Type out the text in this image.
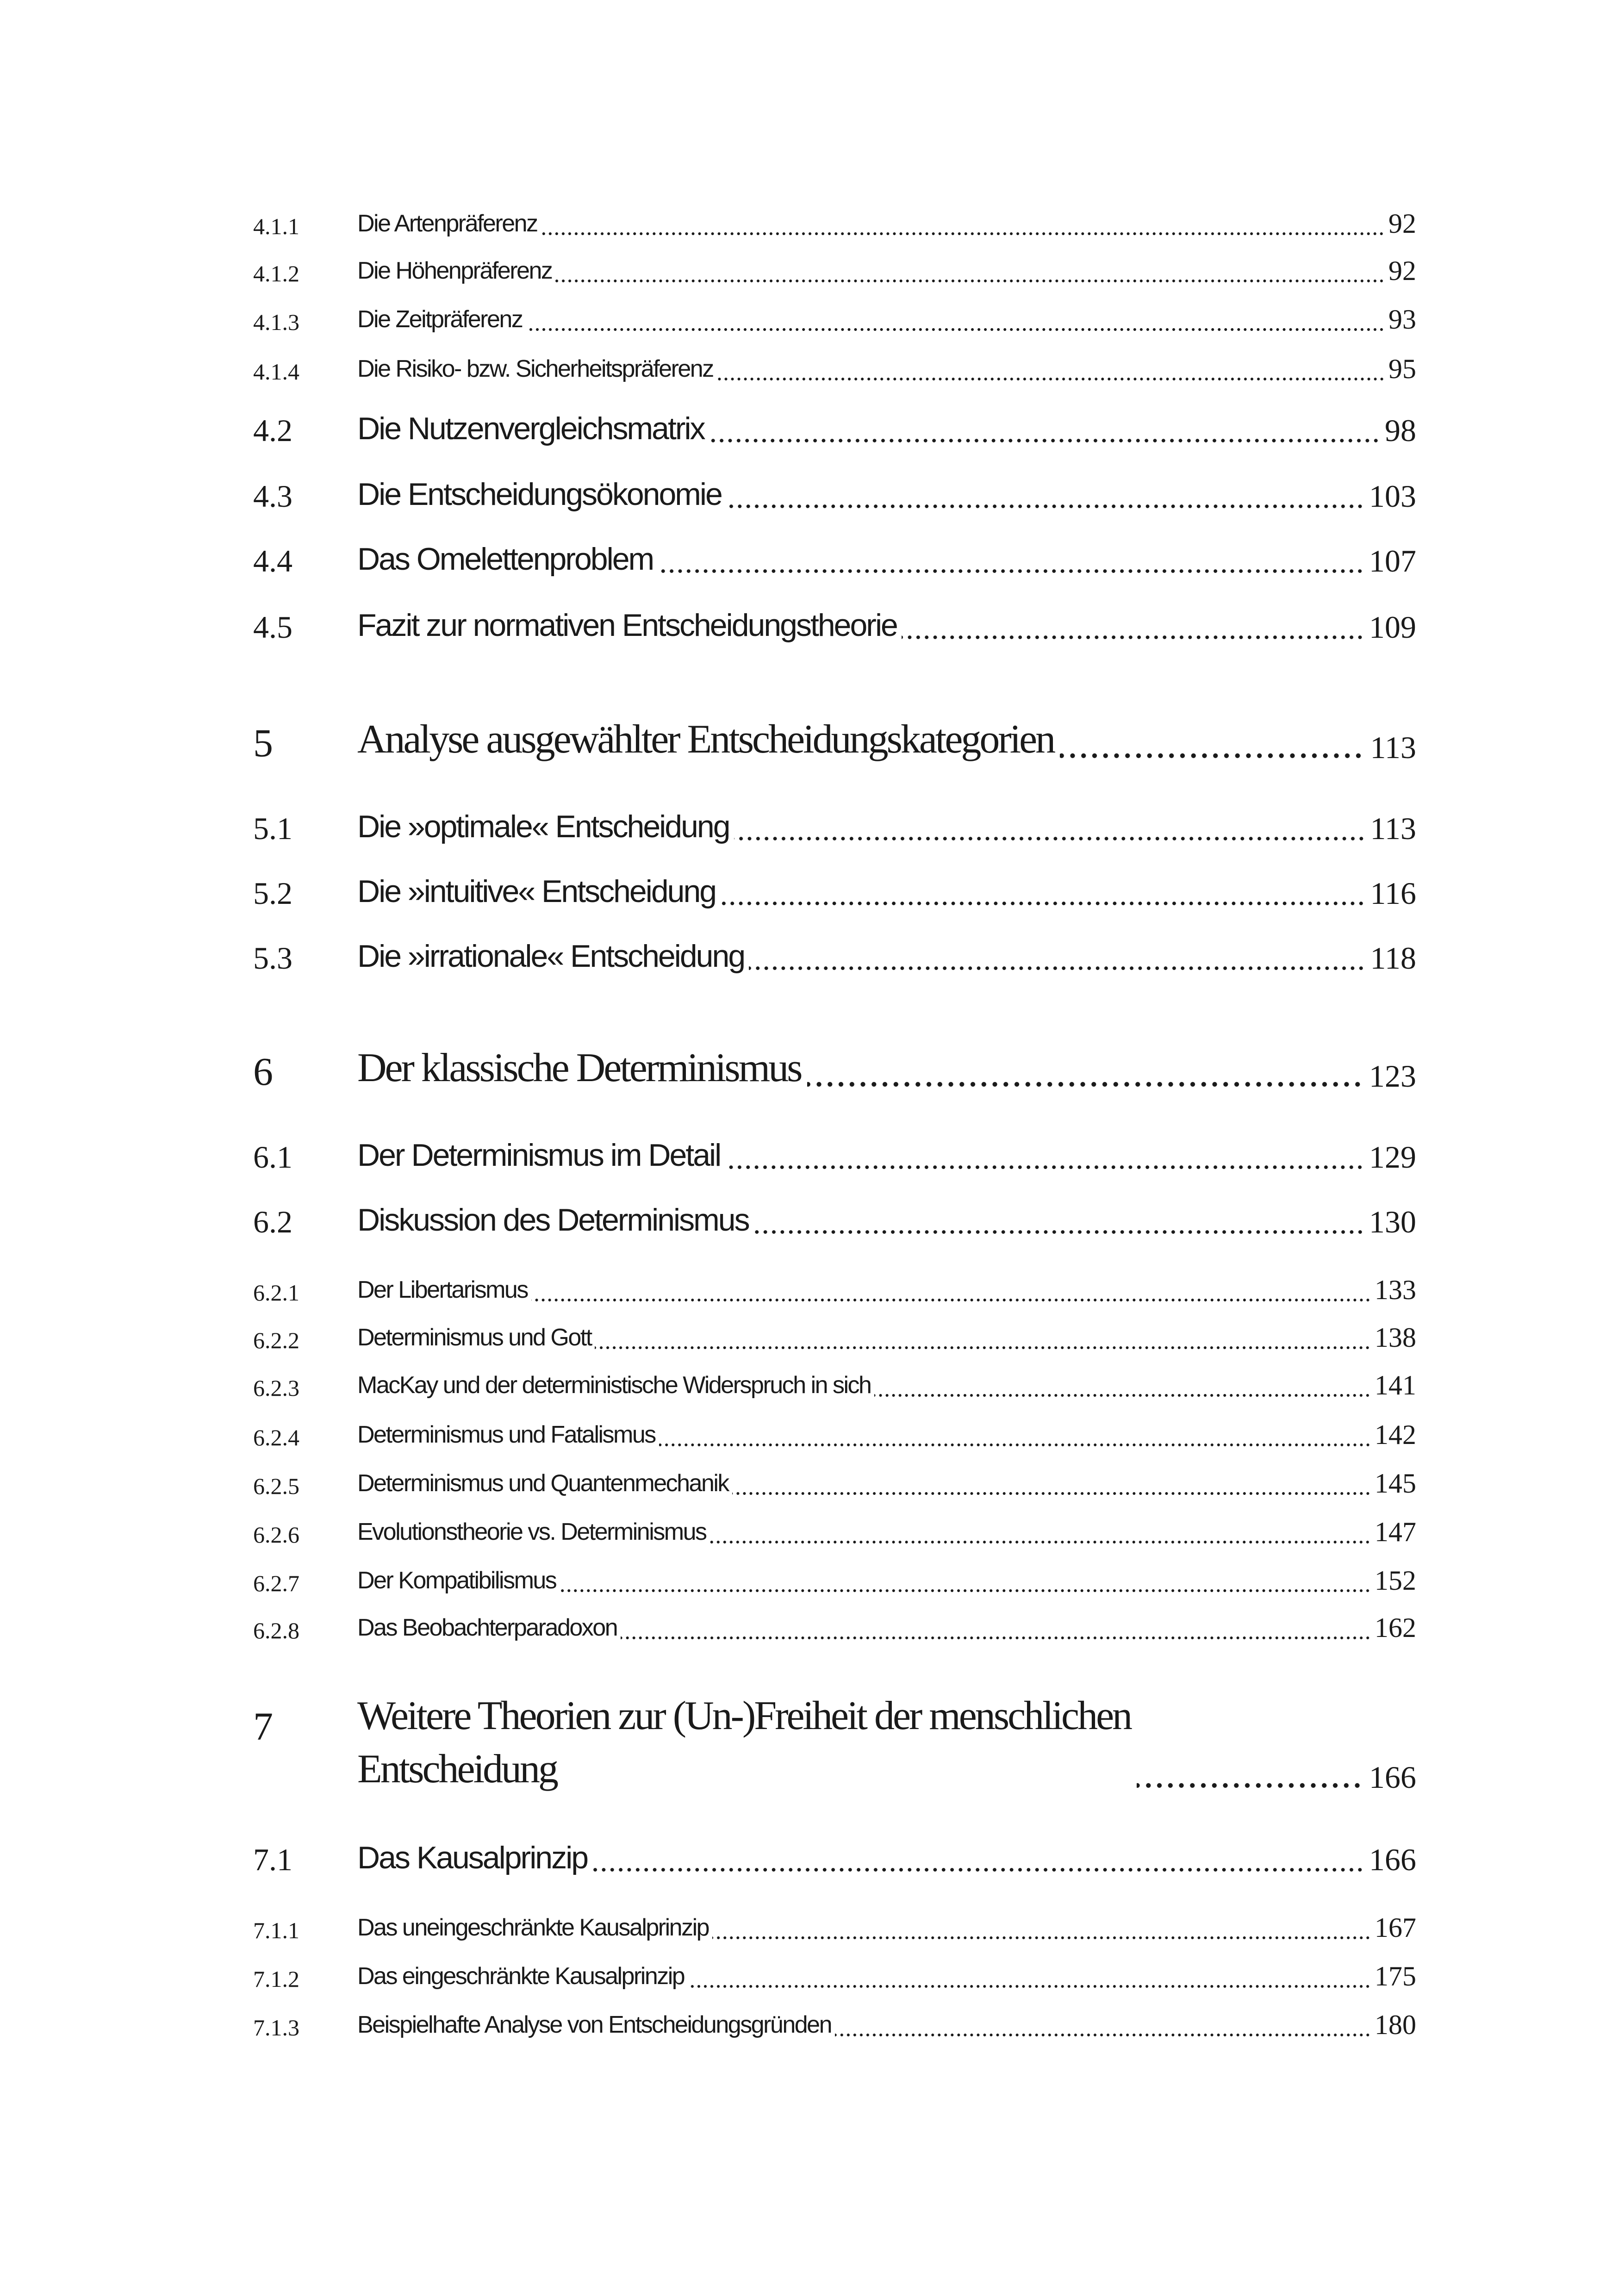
4.1.1 Die Artenpräferenz	92
4.1.2 Die Höhenpräferenz	92
4.1.3 Die Zeitpräferenz	93
4.1.4 Die Risiko- bzw. Sicherheitspräferenz	95
4.2 Die Nutzenvergleichsmatrix	98
4.3 Die Entscheidungsökonomie	103
4.4 Das Omelettenproblem	107
4.5 Fazit zur normativen Entscheidungstheorie	109
5 Analyse ausgewählter Entscheidungskategorien	113
5.1 Die »optimale« Entscheidung	113
5.2 Die »intuitive« Entscheidung	116
5.3 Die »irrationale« Entscheidung	118
6 Der klassische Determinismus	123
6.1 Der Determinismus im Detail	129
6.2 Diskussion des Determinismus	130
6.2.1 Der Libertarismus	133
6.2.2 Determinismus und Gott	138
6.2.3 MacKay und der deterministische Widerspruch in sich	141
6.2.4 Determinismus und Fatalismus	142
6.2.5 Determinismus und Quantenmechanik	145
6.2.6 Evolutionstheorie vs. Determinismus	147
6.2.7 Der Kompatibilismus	152
6.2.8 Das Beobachterparadoxon	162
7 Weitere Theorien zur (Un-)Freiheit der menschlichen
Entscheidung	166
7.1 Das Kausalprinzip	166
7.1.1 Das uneingeschränkte Kausalprinzip	167
7.1.2 Das eingeschränkte Kausalprinzip	175
7.1.3 Beispielhafte Analyse von Entscheidungsgründen	180
